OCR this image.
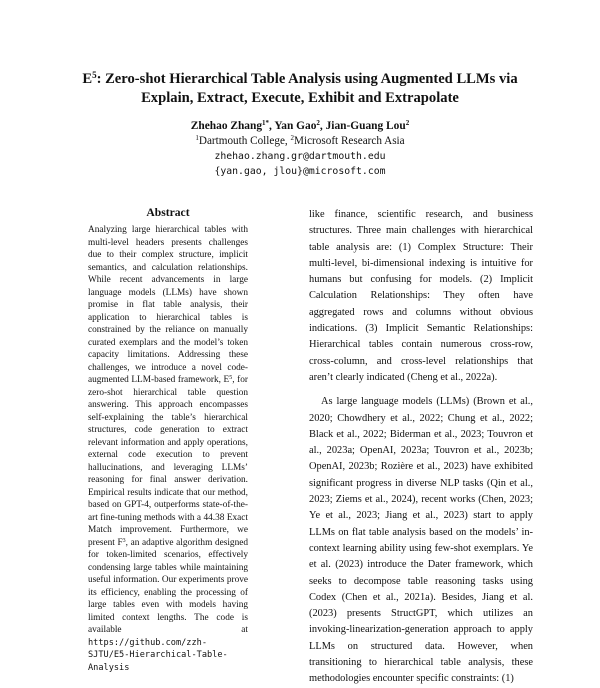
$E^5$: Zero-shot Hierarchical Table Analysis using Augmented LLMs via
Explain, Extract, Execute, Exhibit and Extrapolate
Zhehao Zhang$^{1*}$, Yan Gao$^2$, Jian-Guang Lou$^2$
$^1$Dartmouth College, $^2$Microsoft Research Asia
zhehao.zhang.gr@dartmouth.edu
{yan.gao, jlou}@microsoft.com
Abstract
Analyzing large hierarchical tables with multi-level headers presents challenges due to their complex structure, implicit semantics, and calculation relationships. While recent advancements in large language models (LLMs) have shown promise in flat table analysis, their application to hierarchical tables is constrained by the reliance on manually curated exemplars and the model’s token capacity limitations. Addressing these challenges, we introduce a novel code-augmented LLM-based framework, $E^5$, for zero-shot hierarchical table question answering. This approach encompasses self-explaining the table’s hierarchical structures, code generation to extract relevant information and apply operations, external code execution to prevent hallucinations, and leveraging LLMs’ reasoning for final answer derivation. Empirical results indicate that our method, based on GPT-4, outperforms state-of-the-art fine-tuning methods with a 44.38 Exact Match improvement. Furthermore, we present $F^3$, an adaptive algorithm designed for token-limited scenarios, effectively condensing large tables while maintaining useful information. Our experiments prove its efficiency, enabling the processing of large tables even with models having limited context lengths. The code is available at https://github.com/zzh-SJTU/E5-Hierarchical-Table-Analysis

like finance, scientific research, and business structures. Three main challenges with hierarchical table analysis are: (1) Complex Structure: Their multi-level, bi-dimensional indexing is intuitive for humans but confusing for models. (2) Implicit Calculation Relationships: They often have aggregated rows and columns without obvious indications. (3) Implicit Semantic Relationships: Hierarchical tables contain numerous cross-row, cross-column, and cross-level relationships that aren’t clearly indicated (Cheng et al., 2022a).

As large language models (LLMs) (Brown et al., 2020; Chowdhery et al., 2022; Chung et al., 2022; Black et al., 2022; Biderman et al., 2023; Touvron et al., 2023a; OpenAI, 2023a; Touvron et al., 2023b; OpenAI, 2023b; Rozière et al., 2023) have exhibited significant progress in diverse NLP tasks (Qin et al., 2023; Ziems et al., 2024), recent works (Chen, 2023; Ye et al., 2023; Jiang et al., 2023) start to apply LLMs on flat table analysis based on the models’ in-context learning ability using few-shot exemplars. Ye et al. (2023) introduce the Dater framework, which seeks to decompose table reasoning tasks using Codex (Chen et al., 2021a). Besides, Jiang et al. (2023) presents StructGPT, which utilizes an invoking-linearization-generation approach to apply LLMs on structured data. However, when transitioning to hierarchical table analysis, these methodologies encounter specific constraints: (1)
